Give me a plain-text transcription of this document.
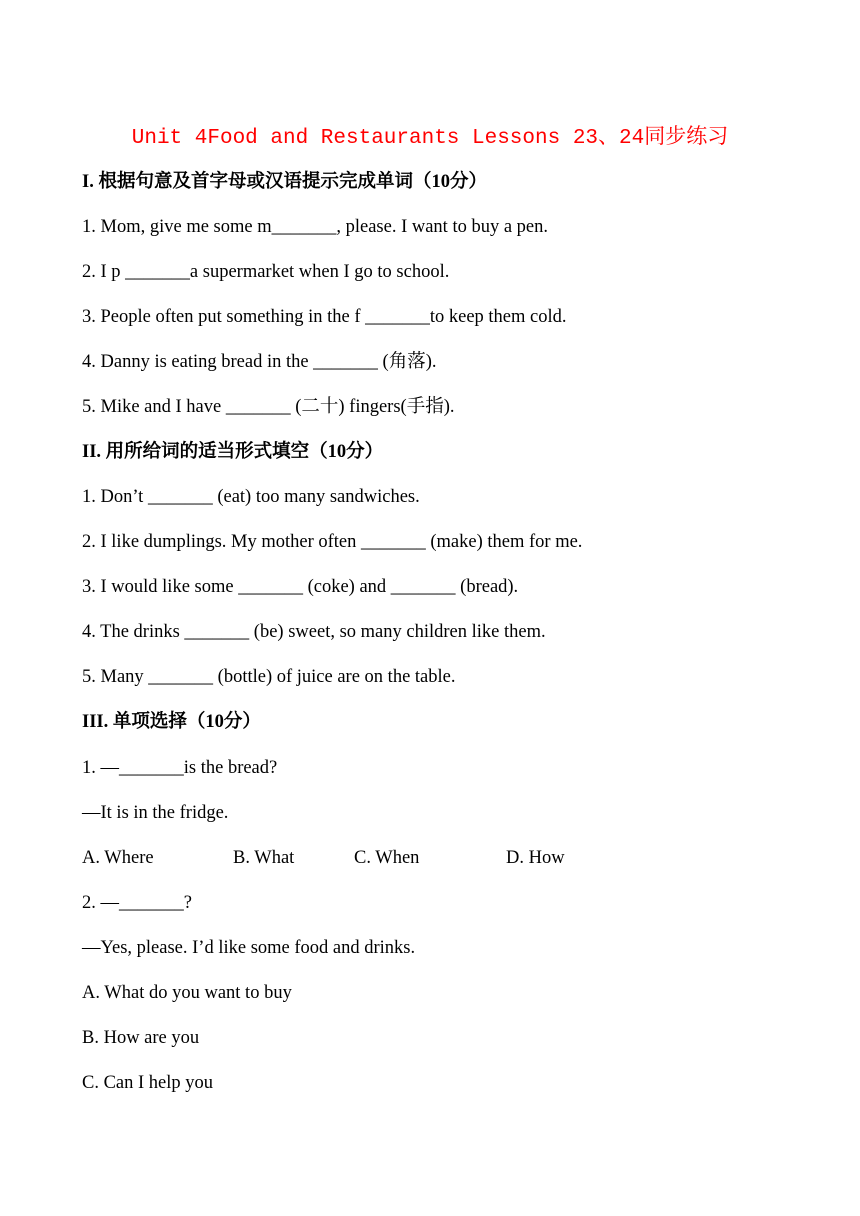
Unit 4Food and Restaurants Lessons 23、24同步练习
I. 根据句意及首字母或汉语提示完成单词（10分）
1. Mom, give me some m_______, please. I want to buy a pen.
2. I p _______a supermarket when I go to school.
3. People often put something in the f _______to keep them cold.
4. Danny is eating bread in the _______ (角落).
5. Mike and I have _______ (二十) fingers(手指).
II. 用所给词的适当形式填空（10分）
1. Don’t _______ (eat) too many sandwiches.
2. I like dumplings. My mother often _______ (make) them for me.
3. I would like some _______ (coke) and _______ (bread).
4. The drinks _______ (be) sweet, so many children like them.
5. Many _______ (bottle) of juice are on the table.
III. 单项选择（10分）
1. —_______is the bread?
—It is in the fridge.
A. Where	B. What	C. When	D. How
2. —_______?
—Yes, please. I’d like some food and drinks.
A. What do you want to buy
B. How are you
C. Can I help you
